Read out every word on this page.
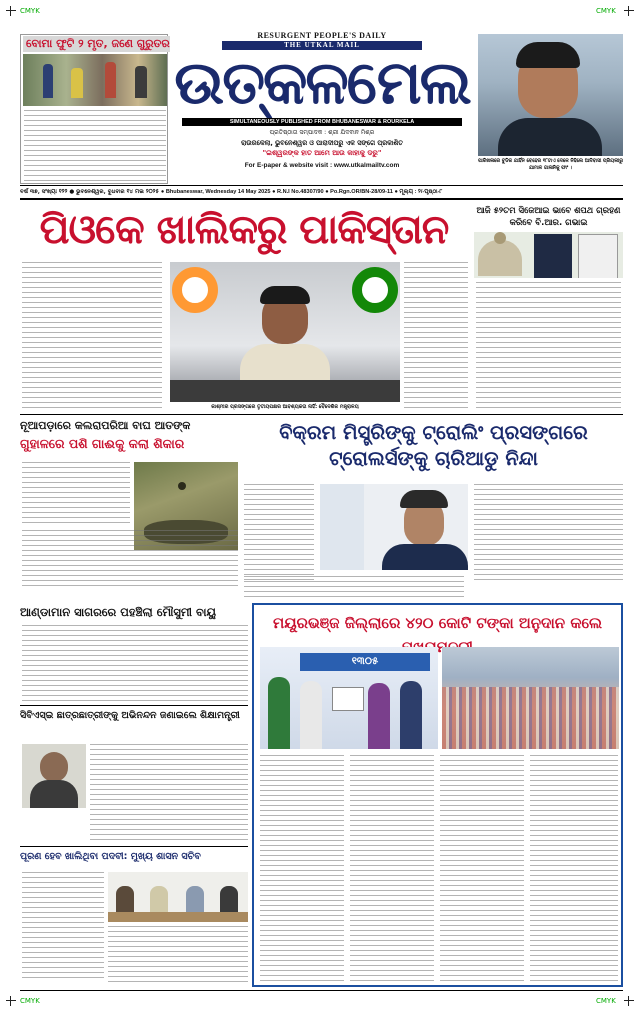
CMYK	CMYK
CMYK	CMYK
ବୋମା ଫୁଟି ୨ ମୃତ, ଜଣେ ଗୁରୁତର
RESURGENT PEOPLE'S DAILY
THE UTKAL MAIL
ଉତ୍କଳମେଲ
SIMULTANEOUSLY PUBLISHED FROM BHUBANESWAR & ROURKELA
ପ୍ରତିଷ୍ଠାତା ସମ୍ପାଦକ : ଶ୍ରୀ ଯିଦବାନ ମିଶ୍ର
ରାଉରକେଲା, ଭୁବନେଶ୍ୱର ଓ ପାରାଦୀପରୁ ଏକ ସଙ୍ଗେ ପ୍ରକାଶିତ
"ଇଶ୍ୱରଙ୍କ ହାତ ଆମେ ଆଉ କାହାକୁ ଡରୁ"
For E-paper & website visit : www.utkalmailtv.com
ପାରିଖଳାରେ ବୁଡିକ ଯାହିଁନ ବେହେର ୧୮ଟାଏ ଦେଳେ ନିହିଲେ ଆଦିବାସୀ ପ୍ରିୟଲୀରୁ ଯାମାଳ ଗାଳାନିକୁ ଫାଂ ।
ବର୍ଷ ୩୭, ସଂଖ୍ୟା ୧୨୨ ● ଭୁବନେଶ୍ୱର, ବୁଧବାର ୧୪ ମଇ ୨୦୨୫ ● Bhubaneswar, Wednesday 14 May 2025 ● R.N.I No.48307/90 ● Po.Rgn.OR/BN-28/09-11 ● ମୂଲ୍ୟ : ୨/-ପୃଷ୍ଠା-୮
ପିଓକେ ଖାଲିକରୁ ପାକିସ୍ତାନ
କାଶ୍ମୀର ପ୍ରସଙ୍ଗରେ ତୃତୀୟପକ୍ଷର ଆବଶ୍ୟକତା ନାହିଁ: ବୈଦେଶିକ ମନ୍ତ୍ରାଳୟ
ଆଜି ୫୨ତମ ସିଜେଆଇ ଭାବେ ଶପଥ ଗ୍ରହଣ କରିବେ ବି.ଆର. ଗଭାଇ
ନୂଆପଡ଼ାରେ କଲରାପରିଆ ବାଘ ଆତଙ୍କ
ଗୁହାଳରେ ପଶି ଗାଈକୁ କଲା ଶିକାର	ବିକ୍ରମ ମିସ୍ତ୍ରିଙ୍କୁ ଟ୍ରୋଲିଂ ପ୍ରସଙ୍ଗରେ ଟ୍ରୋଲର୍ସଙ୍କୁ ଚାରିଆଡୁ ନିନ୍ଦା
ଆଣ୍ଡାମାନ ସାଗରରେ ପହଞ୍ଚିଲା ମୌସୁମୀ ବାୟୁ
ସିବିଏସ୍‌ଇ ଛାତ୍ରଛାତ୍ରୀଙ୍କୁ ଅଭିନନ୍ଦନ ଜଣାଇଲେ ଶିକ୍ଷାମନ୍ତ୍ରୀ
ପୂରଣ ହେବ ଖାଲିଥିବା ପଦବୀ: ମୁଖ୍ୟ ଶାସନ ସଚିବ
ମୟୂରଭଞ୍ଜ ଜିଲ୍ଲାରେ ୪୨୦ କୋଟି ଟଙ୍କା ଅନୁଦାନ କଲେ
୧୩୦୫
